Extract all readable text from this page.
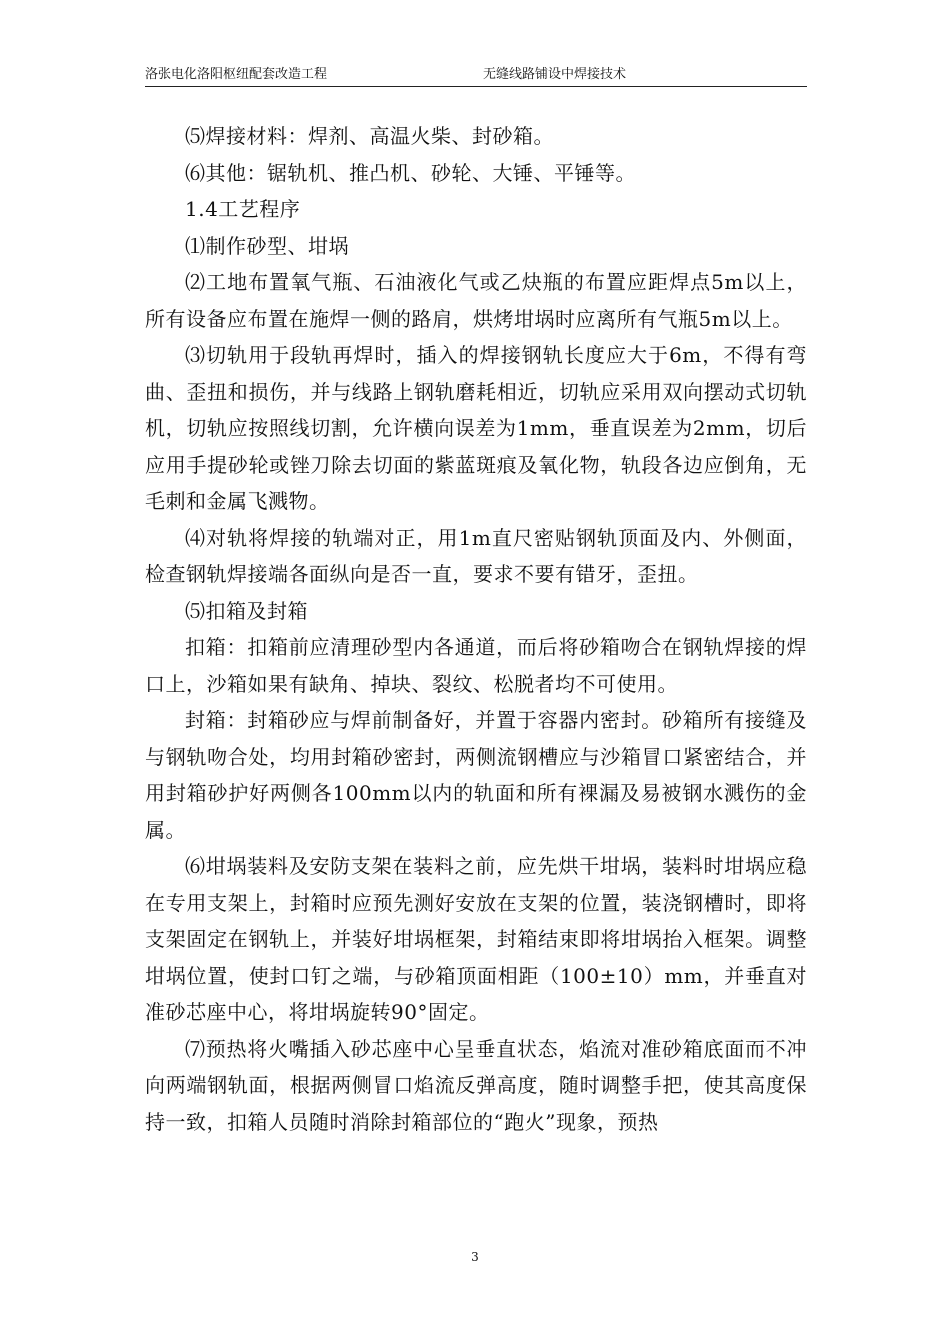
洛张电化洛阳枢纽配套改造工程	无缝线路铺设中焊接技术

⑸焊接材料：焊剂、高温火柴、封砂箱。

⑹其他：锯轨机、推凸机、砂轮、大锤、平锤等。

1.4工艺程序

⑴制作砂型、坩埚

⑵工地布置氧气瓶、石油液化气或乙炔瓶的布置应距焊点5m以上，所有设备应布置在施焊一侧的路肩，烘烤坩埚时应离所有气瓶5m以上。

⑶切轨用于段轨再焊时，插入的焊接钢轨长度应大于6m，不得有弯曲、歪扭和损伤，并与线路上钢轨磨耗相近，切轨应采用双向摆动式切轨机，切轨应按照线切割，允许横向误差为1mm，垂直误差为2mm，切后应用手提砂轮或锉刀除去切面的紫蓝斑痕及氧化物，轨段各边应倒角，无毛刺和金属飞溅物。

⑷对轨将焊接的轨端对正，用1m直尺密贴钢轨顶面及内、外侧面，检查钢轨焊接端各面纵向是否一直，要求不要有错牙，歪扭。

⑸扣箱及封箱

扣箱：扣箱前应清理砂型内各通道，而后将砂箱吻合在钢轨焊接的焊口上，沙箱如果有缺角、掉块、裂纹、松脱者均不可使用。

封箱：封箱砂应与焊前制备好，并置于容器内密封。砂箱所有接缝及与钢轨吻合处，均用封箱砂密封，两侧流钢槽应与沙箱冒口紧密结合，并用封箱砂护好两侧各100mm以内的轨面和所有裸漏及易被钢水溅伤的金属。

⑹坩埚装料及安防支架在装料之前，应先烘干坩埚，装料时坩埚应稳在专用支架上，封箱时应预先测好安放在支架的位置，装浇钢槽时，即将支架固定在钢轨上，并装好坩埚框架，封箱结束即将坩埚抬入框架。调整坩埚位置，使封口钉之端，与砂箱顶面相距（100±10）mm，并垂直对准砂芯座中心，将坩埚旋转90°固定。

⑺预热将火嘴插入砂芯座中心呈垂直状态，焰流对准砂箱底面而不冲向两端钢轨面，根据两侧冒口焰流反弹高度，随时调整手把，使其高度保持一致，扣箱人员随时消除封箱部位的“跑火”现象，预热

3
